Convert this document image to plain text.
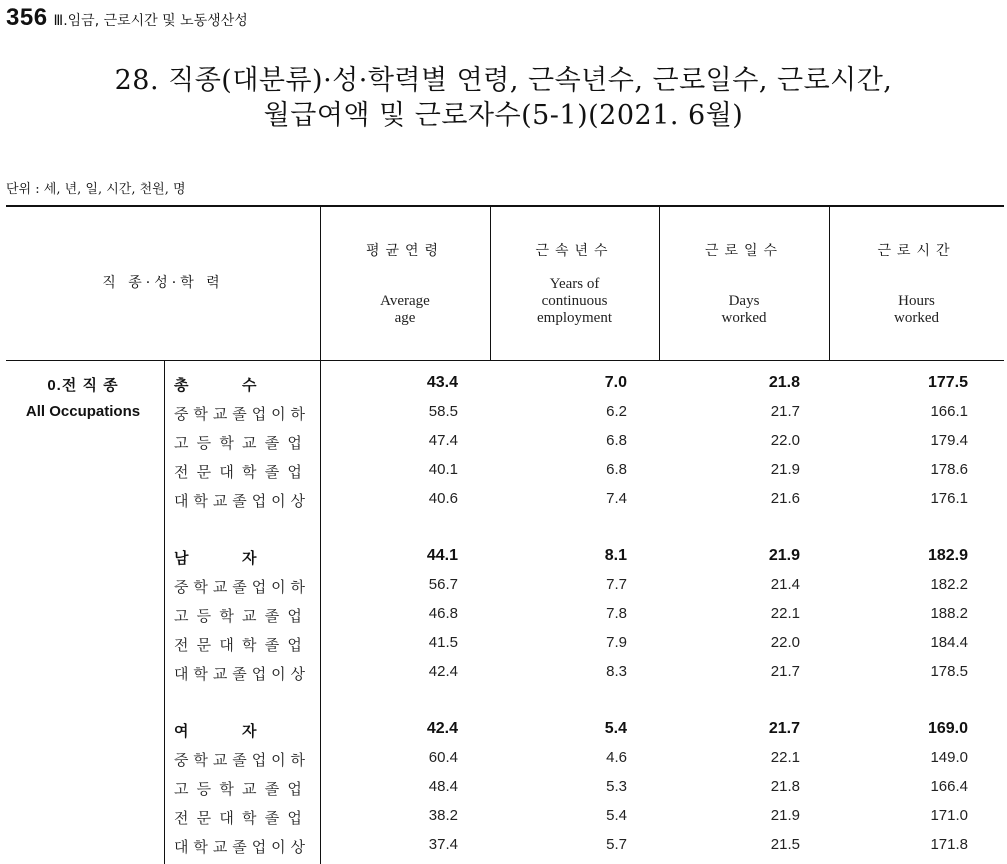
356 Ⅲ.임금, 근로시간 및 노동생산성
28. 직종(대분류)·성·학력별 연령, 근속년수, 근로일수, 근로시간,
월급여액 및 근로자수(5-1)(2021. 6월)
단위 : 세, 년, 일, 시간, 천원, 명
직 종·성·학 력
평균연령
Average
age
근속년수
Years of
continuous
employment
근로일수
Days
worked
근로시간
Hours
worked
0.전 직 종
All Occupations
총	수	43.4	7.0	21.8	177.5
중 학 교 졸 업 이 하	58.5	6.2	21.7	166.1
고 등 학 교 졸 업	47.4	6.8	22.0	179.4
전 문 대 학 졸 업	40.1	6.8	21.9	178.6
대 학 교 졸 업 이 상	40.6	7.4	21.6	176.1
남	자	44.1	8.1	21.9	182.9
중 학 교 졸 업 이 하	56.7	7.7	21.4	182.2
고 등 학 교 졸 업	46.8	7.8	22.1	188.2
전 문 대 학 졸 업	41.5	7.9	22.0	184.4
대 학 교 졸 업 이 상	42.4	8.3	21.7	178.5
여	자	42.4	5.4	21.7	169.0
중 학 교 졸 업 이 하	60.4	4.6	22.1	149.0
고 등 학 교 졸 업	48.4	5.3	21.8	166.4
전 문 대 학 졸 업	38.2	5.4	21.9	171.0
대 학 교 졸 업 이 상	37.4	5.7	21.5	171.8
